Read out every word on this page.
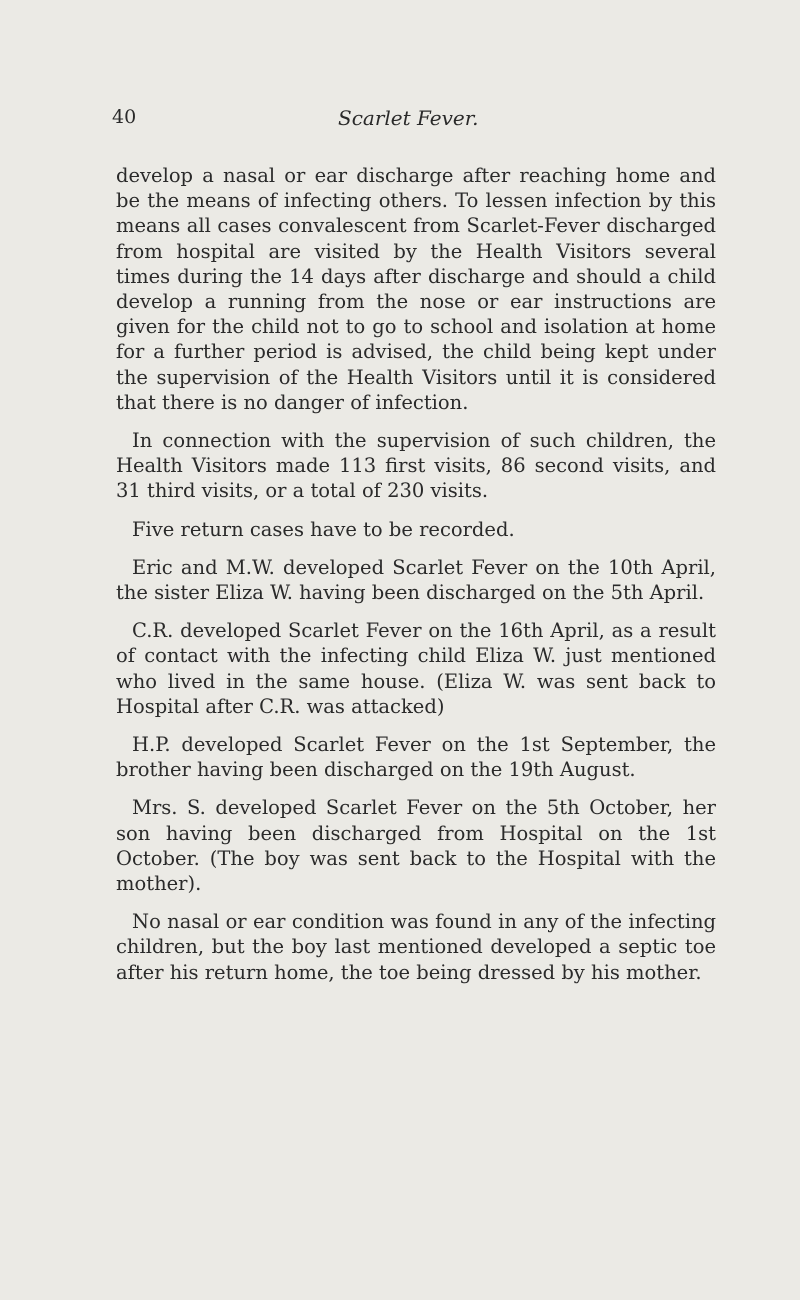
40	Scarlet Fever.

develop a nasal or ear discharge after reaching home and be the means of infecting others. To lessen infection by this means all cases convalescent from Scarlet-Fever discharged from hospital are visited by the Health Visitors several times during the 14 days after discharge and should a child develop a running from the nose or ear instructions are given for the child not to go to school and isolation at home for a further period is advised, the child being kept under the supervision of the Health Visitors until it is considered that there is no danger of infection.

In connection with the supervision of such children, the Health Visitors made 113 first visits, 86 second visits, and 31 third visits, or a total of 230 visits.

Five return cases have to be recorded.

Eric and M.W. developed Scarlet Fever on the 10th April, the sister Eliza W. having been discharged on the 5th April.

C.R. developed Scarlet Fever on the 16th April, as a result of contact with the infecting child Eliza W. just mentioned who lived in the same house. (Eliza W. was sent back to Hospital after C.R. was attacked)

H.P. developed Scarlet Fever on the 1st September, the brother having been discharged on the 19th August.

Mrs. S. developed Scarlet Fever on the 5th October, her son having been discharged from Hospital on the 1st October. (The boy was sent back to the Hospital with the mother).

No nasal or ear condition was found in any of the infecting children, but the boy last mentioned developed a septic toe after his return home, the toe being dressed by his mother.
